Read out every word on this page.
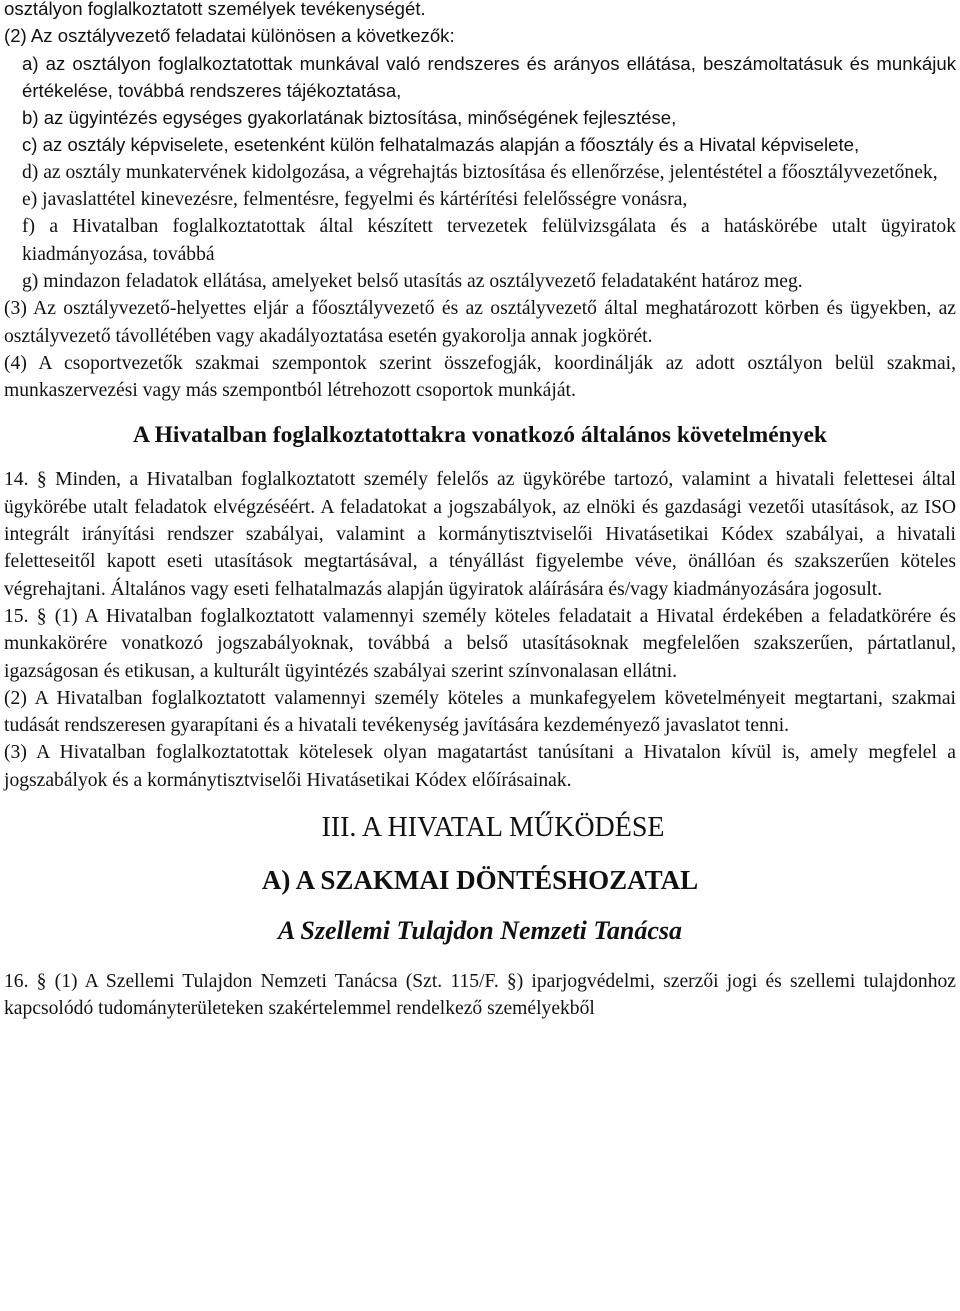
osztályon foglalkoztatott személyek tevékenységét.

(2) Az osztályvezető feladatai különösen a következők:

a) az osztályon foglalkoztatottak munkával való rendszeres és arányos ellátása, beszámoltatásuk és munkájuk értékelése, továbbá rendszeres tájékoztatása,

b) az ügyintézés egységes gyakorlatának biztosítása, minőségének fejlesztése,

c) az osztály képviselete, esetenként külön felhatalmazás alapján a főosztály és a Hivatal képviselete,

d) az osztály munkatervének kidolgozása, a végrehajtás biztosítása és ellenőrzése, jelentéstétel a főosztályvezetőnek,

e) javaslattétel kinevezésre, felmentésre, fegyelmi és kártérítési felelősségre vonásra,

f) a Hivatalban foglalkoztatottak által készített tervezetek felülvizsgálata és a hatáskörébe utalt ügyiratok kiadmányozása, továbbá

g) mindazon feladatok ellátása, amelyeket belső utasítás az osztályvezető feladataként határoz meg.

(3) Az osztályvezető-helyettes eljár a főosztályvezető és az osztályvezető által meghatározott körben és ügyekben, az osztályvezető távollétében vagy akadályoztatása esetén gyakorolja annak jogkörét.

(4) A csoportvezetők szakmai szempontok szerint összefogják, koordinálják az adott osztályon belül szakmai, munkaszervezési vagy más szempontból létrehozott csoportok munkáját.

A Hivatalban foglalkoztatottakra vonatkozó általános követelmények

14. § Minden, a Hivatalban foglalkoztatott személy felelős az ügykörébe tartozó, valamint a hivatali felettesei által ügykörébe utalt feladatok elvégzéséért. A feladatokat a jogszabályok, az elnöki és gazdasági vezetői utasítások, az ISO integrált irányítási rendszer szabályai, valamint a kormánytisztviselői Hivatásetikai Kódex szabályai, a hivatali feletteseitől kapott eseti utasítások megtartásával, a tényállást figyelembe véve, önállóan és szakszerűen köteles végrehajtani. Általános vagy eseti felhatalmazás alapján ügyiratok aláírására és/vagy kiadmányozására jogosult.

15. § (1) A Hivatalban foglalkoztatott valamennyi személy köteles feladatait a Hivatal érdekében a feladatkörére és munkakörére vonatkozó jogszabályoknak, továbbá a belső utasításoknak megfelelően szakszerűen, pártatlanul, igazságosan és etikusan, a kulturált ügyintézés szabályai szerint színvonalasan ellátni.

(2) A Hivatalban foglalkoztatott valamennyi személy köteles a munkafegyelem követelményeit megtartani, szakmai tudását rendszeresen gyarapítani és a hivatali tevékenység javítására kezdeményező javaslatot tenni.

(3) A Hivatalban foglalkoztatottak kötelesek olyan magatartást tanúsítani a Hivatalon kívül is, amely megfelel a jogszabályok és a kormánytisztviselői Hivatásetikai Kódex előírásainak.

III. A HIVATAL MŰKÖDÉSE
A) A SZAKMAI DÖNTÉSHOZATAL
A Szellemi Tulajdon Nemzeti Tanácsa

16. § (1) A Szellemi Tulajdon Nemzeti Tanácsa (Szt. 115/F. §) iparjogvédelmi, szerzői jogi és szellemi tulajdonhoz kapcsolódó tudományterületeken szakértelemmel rendelkező személyekből
